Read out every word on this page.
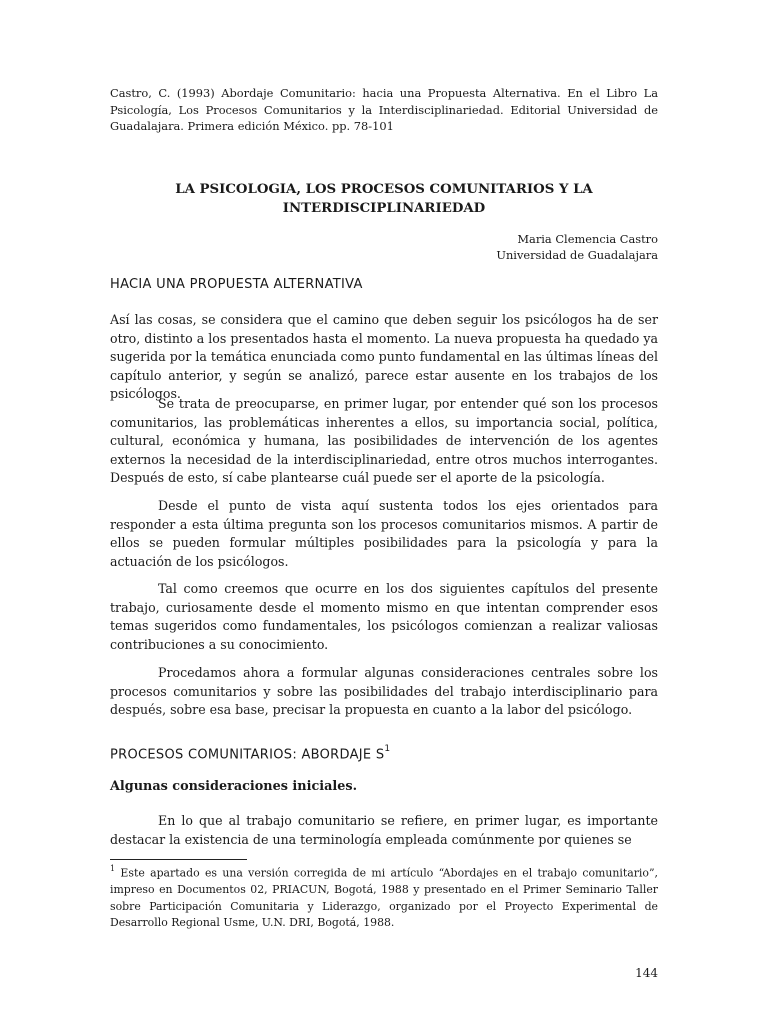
Castro, C. (1993) Abordaje Comunitario: hacia una Propuesta Alternativa. En el Libro La Psicología, Los Procesos Comunitarios y la Interdisciplinariedad. Editorial Universidad de Guadalajara. Primera edición México. pp. 78-101

LA PSICOLOGIA, LOS PROCESOS COMUNITARIOS Y LA INTERDISCIPLINARIEDAD
Maria Clemencia Castro
Universidad de Guadalajara
HACIA UNA PROPUESTA ALTERNATIVA

Así las cosas, se considera que el camino que deben seguir los psicólogos ha de ser otro, distinto a los presentados hasta el momento. La nueva propuesta ha quedado ya sugerida por la temática enunciada como punto fundamental en las últimas líneas del capítulo anterior, y según se analizó, parece estar ausente en los trabajos de los psicólogos.

Se trata de preocuparse, en primer lugar, por entender qué son los procesos comunitarios, las problemáticas inherentes a ellos, su importancia social, política, cultural, económica y humana, las posibilidades de intervención de los agentes externos la necesidad de la interdisciplinariedad, entre otros muchos interrogantes. Después de esto, sí cabe plantearse cuál puede ser el aporte de la psicología.

Desde el punto de vista aquí sustenta todos los ejes orientados para responder a esta última pregunta son los procesos comunitarios mismos. A partir de ellos se pueden formular múltiples posibilidades para la psicología y para la actuación de los psicólogos.

Tal como creemos que ocurre en los dos siguientes capítulos del presente trabajo, curiosamente desde el momento mismo en que intentan comprender esos temas sugeridos como fundamentales, los psicólogos comienzan a realizar valiosas contribuciones a su conocimiento.

Procedamos ahora a formular algunas consideraciones centrales sobre los procesos comunitarios y sobre las posibilidades del trabajo interdisciplinario para después, sobre esa base, precisar la propuesta en cuanto a la labor del psicólogo.

PROCESOS COMUNITARIOS: ABORDAJE $S^1$
Algunas consideraciones iniciales.

En lo que al trabajo comunitario se refiere, en primer lugar, es importante destacar la existencia de una terminología empleada comúnmente por quienes se

$^1$ Este apartado es una versión corregida de mi artículo “Abordajes en el trabajo comunitario”, impreso en Documentos 02, PRIACUN, Bogotá, 1988 y presentado en el Primer Seminario Taller sobre Participación Comunitaria y Liderazgo, organizado por el Proyecto Experimental de Desarrollo Regional Usme, U.N. DRI, Bogotá, 1988.

144
